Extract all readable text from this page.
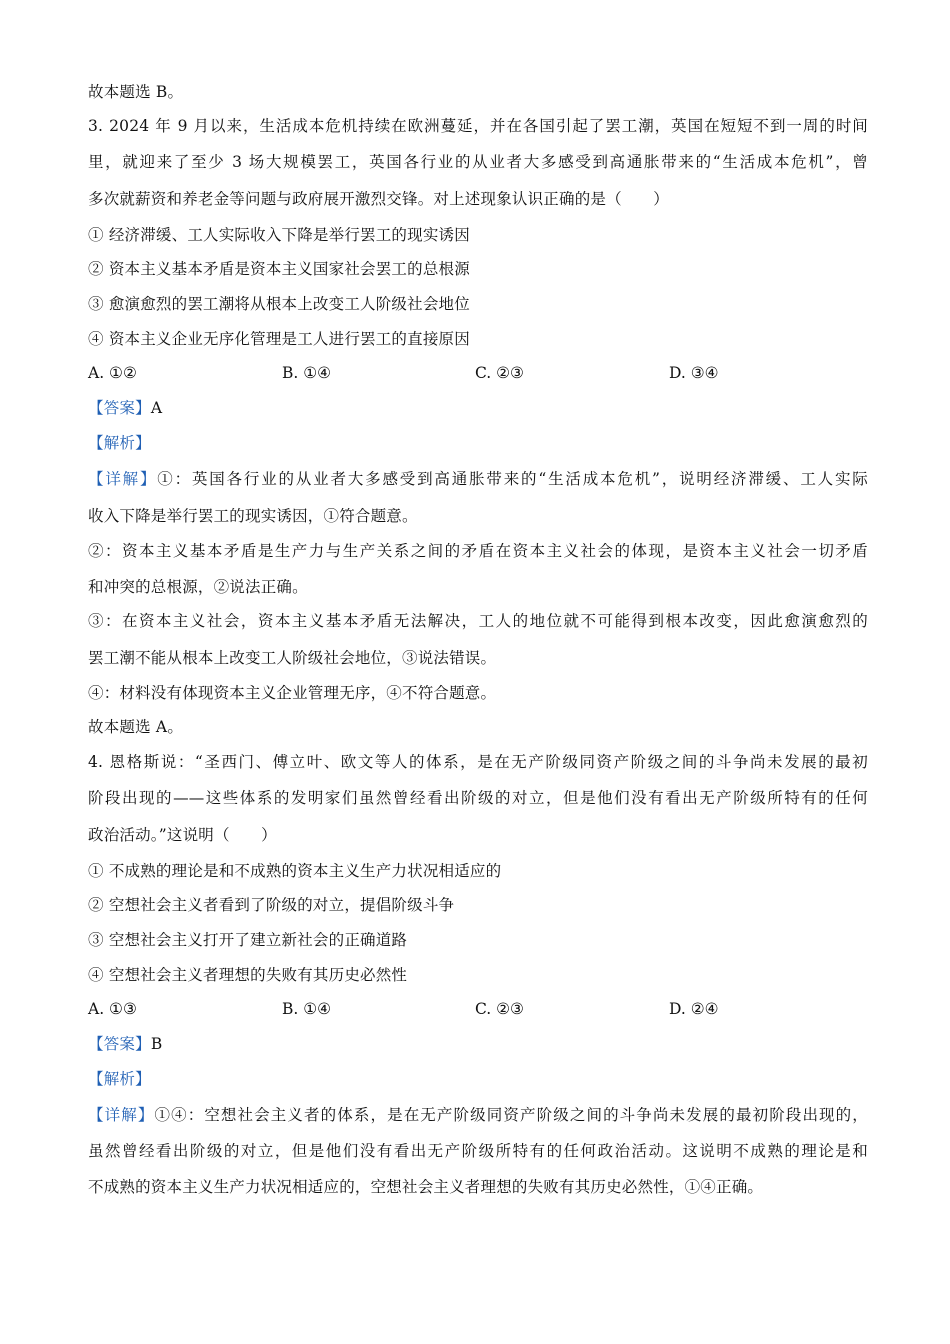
故本题选 B。
3. 2024 年 9 月以来，生活成本危机持续在欧洲蔓延，并在各国引起了罢工潮，英国在短短不到一周的时间
里，就迎来了至少 3 场大规模罢工，英国各行业的从业者大多感受到高通胀带来的“生活成本危机”，曾
多次就薪资和养老金等问题与政府展开激烈交锋。对上述现象认识正确的是（　　）
① 经济滞缓、工人实际收入下降是举行罢工的现实诱因
② 资本主义基本矛盾是资本主义国家社会罢工的总根源
③ 愈演愈烈的罢工潮将从根本上改变工人阶级社会地位
④ 资本主义企业无序化管理是工人进行罢工的直接原因
A. ①②	B. ①④	C. ②③	D. ③④
【答案】A
【解析】
【详解】①：英国各行业的从业者大多感受到高通胀带来的“生活成本危机”，说明经济滞缓、工人实际
收入下降是举行罢工的现实诱因，①符合题意。
②：资本主义基本矛盾是生产力与生产关系之间的矛盾在资本主义社会的体现，是资本主义社会一切矛盾
和冲突的总根源，②说法正确。
③：在资本主义社会，资本主义基本矛盾无法解决，工人的地位就不可能得到根本改变，因此愈演愈烈的
罢工潮不能从根本上改变工人阶级社会地位，③说法错误。
④：材料没有体现资本主义企业管理无序，④不符合题意。
故本题选 A。
4. 恩格斯说：“圣西门、傅立叶、欧文等人的体系，是在无产阶级同资产阶级之间的斗争尚未发展的最初
阶段出现的——这些体系的发明家们虽然曾经看出阶级的对立，但是他们没有看出无产阶级所特有的任何
政治活动。”这说明（　　）
① 不成熟的理论是和不成熟的资本主义生产力状况相适应的
② 空想社会主义者看到了阶级的对立，提倡阶级斗争
③ 空想社会主义打开了建立新社会的正确道路
④ 空想社会主义者理想的失败有其历史必然性
A. ①③	B. ①④	C. ②③	D. ②④
【答案】B
【解析】
【详解】①④：空想社会主义者的体系，是在无产阶级同资产阶级之间的斗争尚未发展的最初阶段出现的，
虽然曾经看出阶级的对立，但是他们没有看出无产阶级所特有的任何政治活动。这说明不成熟的理论是和
不成熟的资本主义生产力状况相适应的，空想社会主义者理想的失败有其历史必然性，①④正确。
